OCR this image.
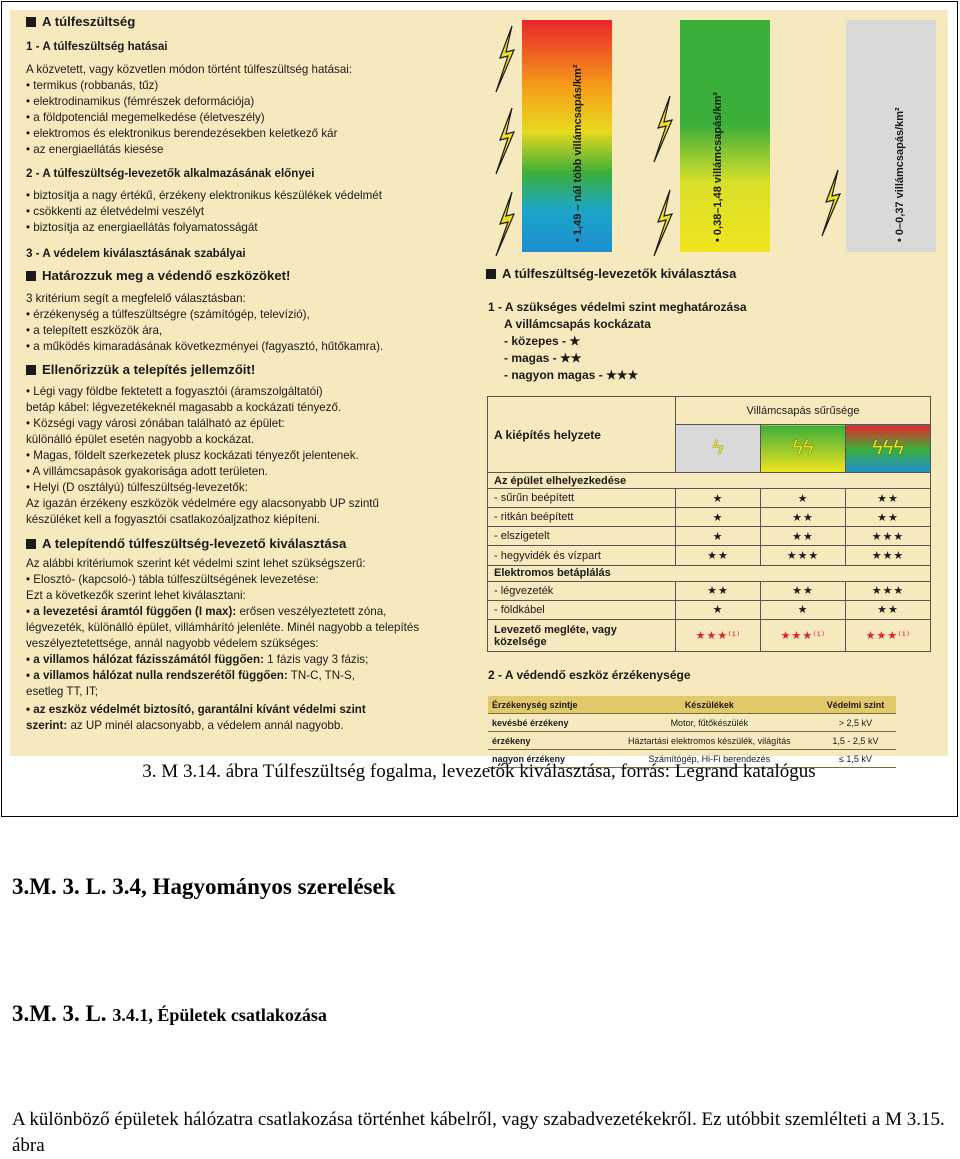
A túlfeszültség
1 - A túlfeszültség hatásai
A közvetett, vagy közvetlen módon történt túlfeszültség hatásai:
• termikus (robbanás, tűz)
• elektrodinamikus (fémrészek deformációja)
• a földpotenciál megemelkedése (életveszély)
• elektromos és elektronikus berendezésekben keletkező kár
• az energiaellátás kiesése
2 - A túlfeszültség-levezetők alkalmazásának előnyei
• biztosítja a nagy értékű, érzékeny elektronikus készülékek védelmét
• csökkenti az életvédelmi veszélyt
• biztosítja az energiaellátás folyamatosságát
3 - A védelem kiválasztásának szabályai
Határozzuk meg a védendő eszközöket!
3 kritérium segít a megfelelő választásban:
• érzékenység a túlfeszültségre (számítógép, televízió),
• a telepített eszközök ára,
• a működés kimaradásának következményei (fagyasztó, hűtőkamra).
Ellenőrizzük a telepítés jellemzőit!
• Légi vagy földbe fektetett a fogyasztói (áramszolgáltatói)
betáp kábel: légvezetékeknél magasabb a kockázati tényező.
• Községi vagy városi zónában található az épület:
különálló épület esetén nagyobb a kockázat.
• Magas, földelt szerkezetek plusz kockázati tényezőt jelentenek.
• A villámcsapások gyakorisága adott területen.
• Helyi (D osztályú) túlfeszültség-levezetők:
Az igazán érzékeny eszközök védelmére egy alacsonyabb UP szintű
készüléket kell a fogyasztói csatlakozóaljzathoz kiépíteni.
A telepítendő túlfeszültség-levezető kiválasztása
Az alábbi kritériumok szerint két védelmi szint lehet szükségszerű:
• Elosztó- (kapcsoló-) tábla túlfeszültségének levezetése:
Ezt a következők szerint lehet kiválasztani:
• a levezetési áramtól függően (I max): erősen veszélyeztetett zóna,
légvezeték, különálló épület, villámhárító jelenléte. Minél nagyobb a telepítés
veszélyeztetettsége, annál nagyobb védelem szükséges:
• a villamos hálózat fázisszámától függően: 1 fázis vagy 3 fázis;
• a villamos hálózat nulla rendszerétől függően: TN-C, TN-S,
esetleg TT, IT;
• az eszköz védelmét biztosító, garantálni kívánt védelmi szint
szerint: az UP minél alacsonyabb, a védelem annál nagyobb.
• 1,49 – nál több villámcsapás/km²	• 0,38–1,48 villámcsapás/km²	• 0–0,37 villámcsapás/km²
A túlfeszültség-levezetők kiválasztása
1 - A szükséges védelmi szint meghatározása
A villámcsapás kockázata
- közepes - ★
- magas - ★★
- nagyon magas - ★★★
A kiépítés helyzete	Villámcsapás sűrűsége		
	ϟ	ϟϟ	ϟϟϟ
Az épület elhelyezkedése			
- sűrűn beépített	★	★	★★
- ritkán beépített	★	★★	★★
- elszigetelt	★	★★	★★★
- hegyvidék és vízpart	★★	★★★	★★★
Elektromos betáplálás			
- légvezeték	★★	★★	★★★
- földkábel	★	★	★★
Levezető megléte, vagy közelsége	★★★⁽¹⁾	★★★⁽¹⁾	★★★⁽¹⁾
2 - A védendő eszköz érzékenysége
Érzékenység szintje	Készülékek	Védelmi szint
kevésbé érzékeny	Motor, fűtőkészülék	> 2,5 kV
érzékeny	Háztartási elektromos készülék, világítás	1,5 - 2,5 kV
nagyon érzékeny	Számítógép, Hi-Fi berendezés	≤ 1,5 kV
3. M 3.14. ábra Túlfeszültség fogalma, levezetők kiválasztása, forrás: Legrand katalógus
3.M. 3. L. 3.4, Hagyományos szerelések
3.M. 3. L. 3.4.1, Épületek csatlakozása
A különböző épületek hálózatra csatlakozása történhet kábelről, vagy szabadvezetékekről. Ez utóbbit szemlélteti a M 3.15. ábra
